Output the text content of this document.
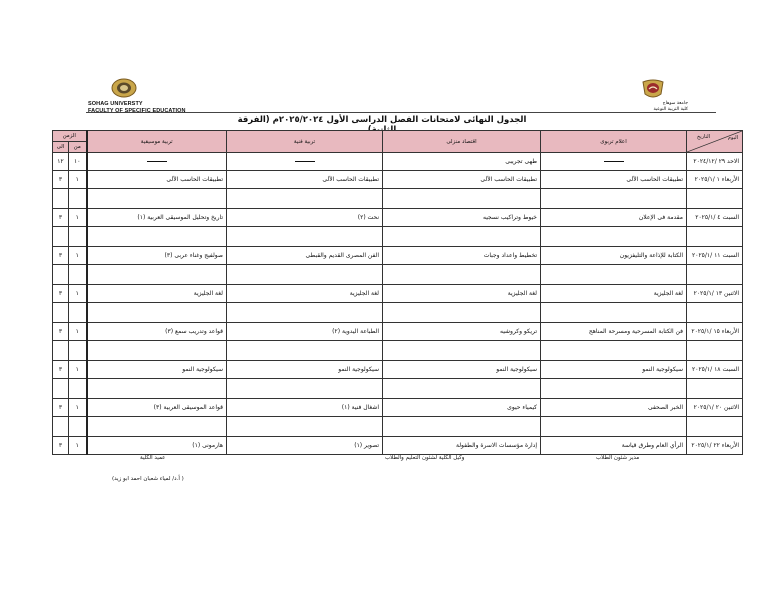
SOHAG UNIVERSTY
FACULTY OF SPECIFIC EDUCATION
جامعة سوهاج
كلية التربية النوعية
الجدول النهائى لامتحانات الفصل الدراسى الأول ٢٠٢٥/٢٠٢٤م (الفرقة
اليوم
التاريخ	اعلام تربوى	اقتصاد منزلى	تربية فنية	تربية موسيقية	الزمن	
					من	الى
الاحد ٢٩ /٢٠٢٤/١٢		طهى تجريبى			١٠	١٢
الأربعاء ١ /٢٠٢٥/١	تطبيقات الحاسب الآلى	تطبيقات الحاسب الآلى	تطبيقات الحاسب الآلى	تطبيقات الحاسب الآلى	١	٣

السبت ٤ /٢٠٢٥/١	مقدمة فى الإعلان	خيوط وتراكيب نسجيه	نحت (٢)	تاريخ وتحليل الموسيقى العربية (١)	١	٣

السبت ١١ /٢٠٢٥/١	الكتابة للإذاعة والتليفزيون	تخطيط واعداد وجبات	الفن المصرى القديم والقبطى	صولفيج وغناء عربى (٣)	١	٣

الاثنين ١٣ /٢٠٢٥/١	لغة الجليزية	لغة الجليزية	لغة الجليزية	لغة الجليزية	١	٣

الأربعاء ١٥ /٢٠٢٥/١	فن الكتابة المسرحية ومسرحة المناهج	تريكو وكروشيه	الطباعة اليدوية (٢)	قواعد وتدريب سمع (٣)	١	٣

السبت ١٨ /٢٠٢٥/١	سيكولوجية النمو	سيكولوجية النمو	سيكولوجية النمو	سيكولوجية النمو	١	٣

الاثنين ٢٠ /٢٠٢٥/١	الخبر الصحفى	كيمياء حيوى	اشغال فنية (١)	قواعد الموسيقى العربية (٣)	١	٣

الأربعاء ٢٢ /٢٠٢٥/١	الرأي العام وطرق قياسة	إدارة مؤسسات الاسرة والطفولة	تصوير (١)	هارمونى (١)	١	٣
مدير شئون الطلاب
وكيل الكلية لشئون التعليم والطلاب
عميد الكلية
( أ.د/ لمياء شعبان احمد ابو زيد)
